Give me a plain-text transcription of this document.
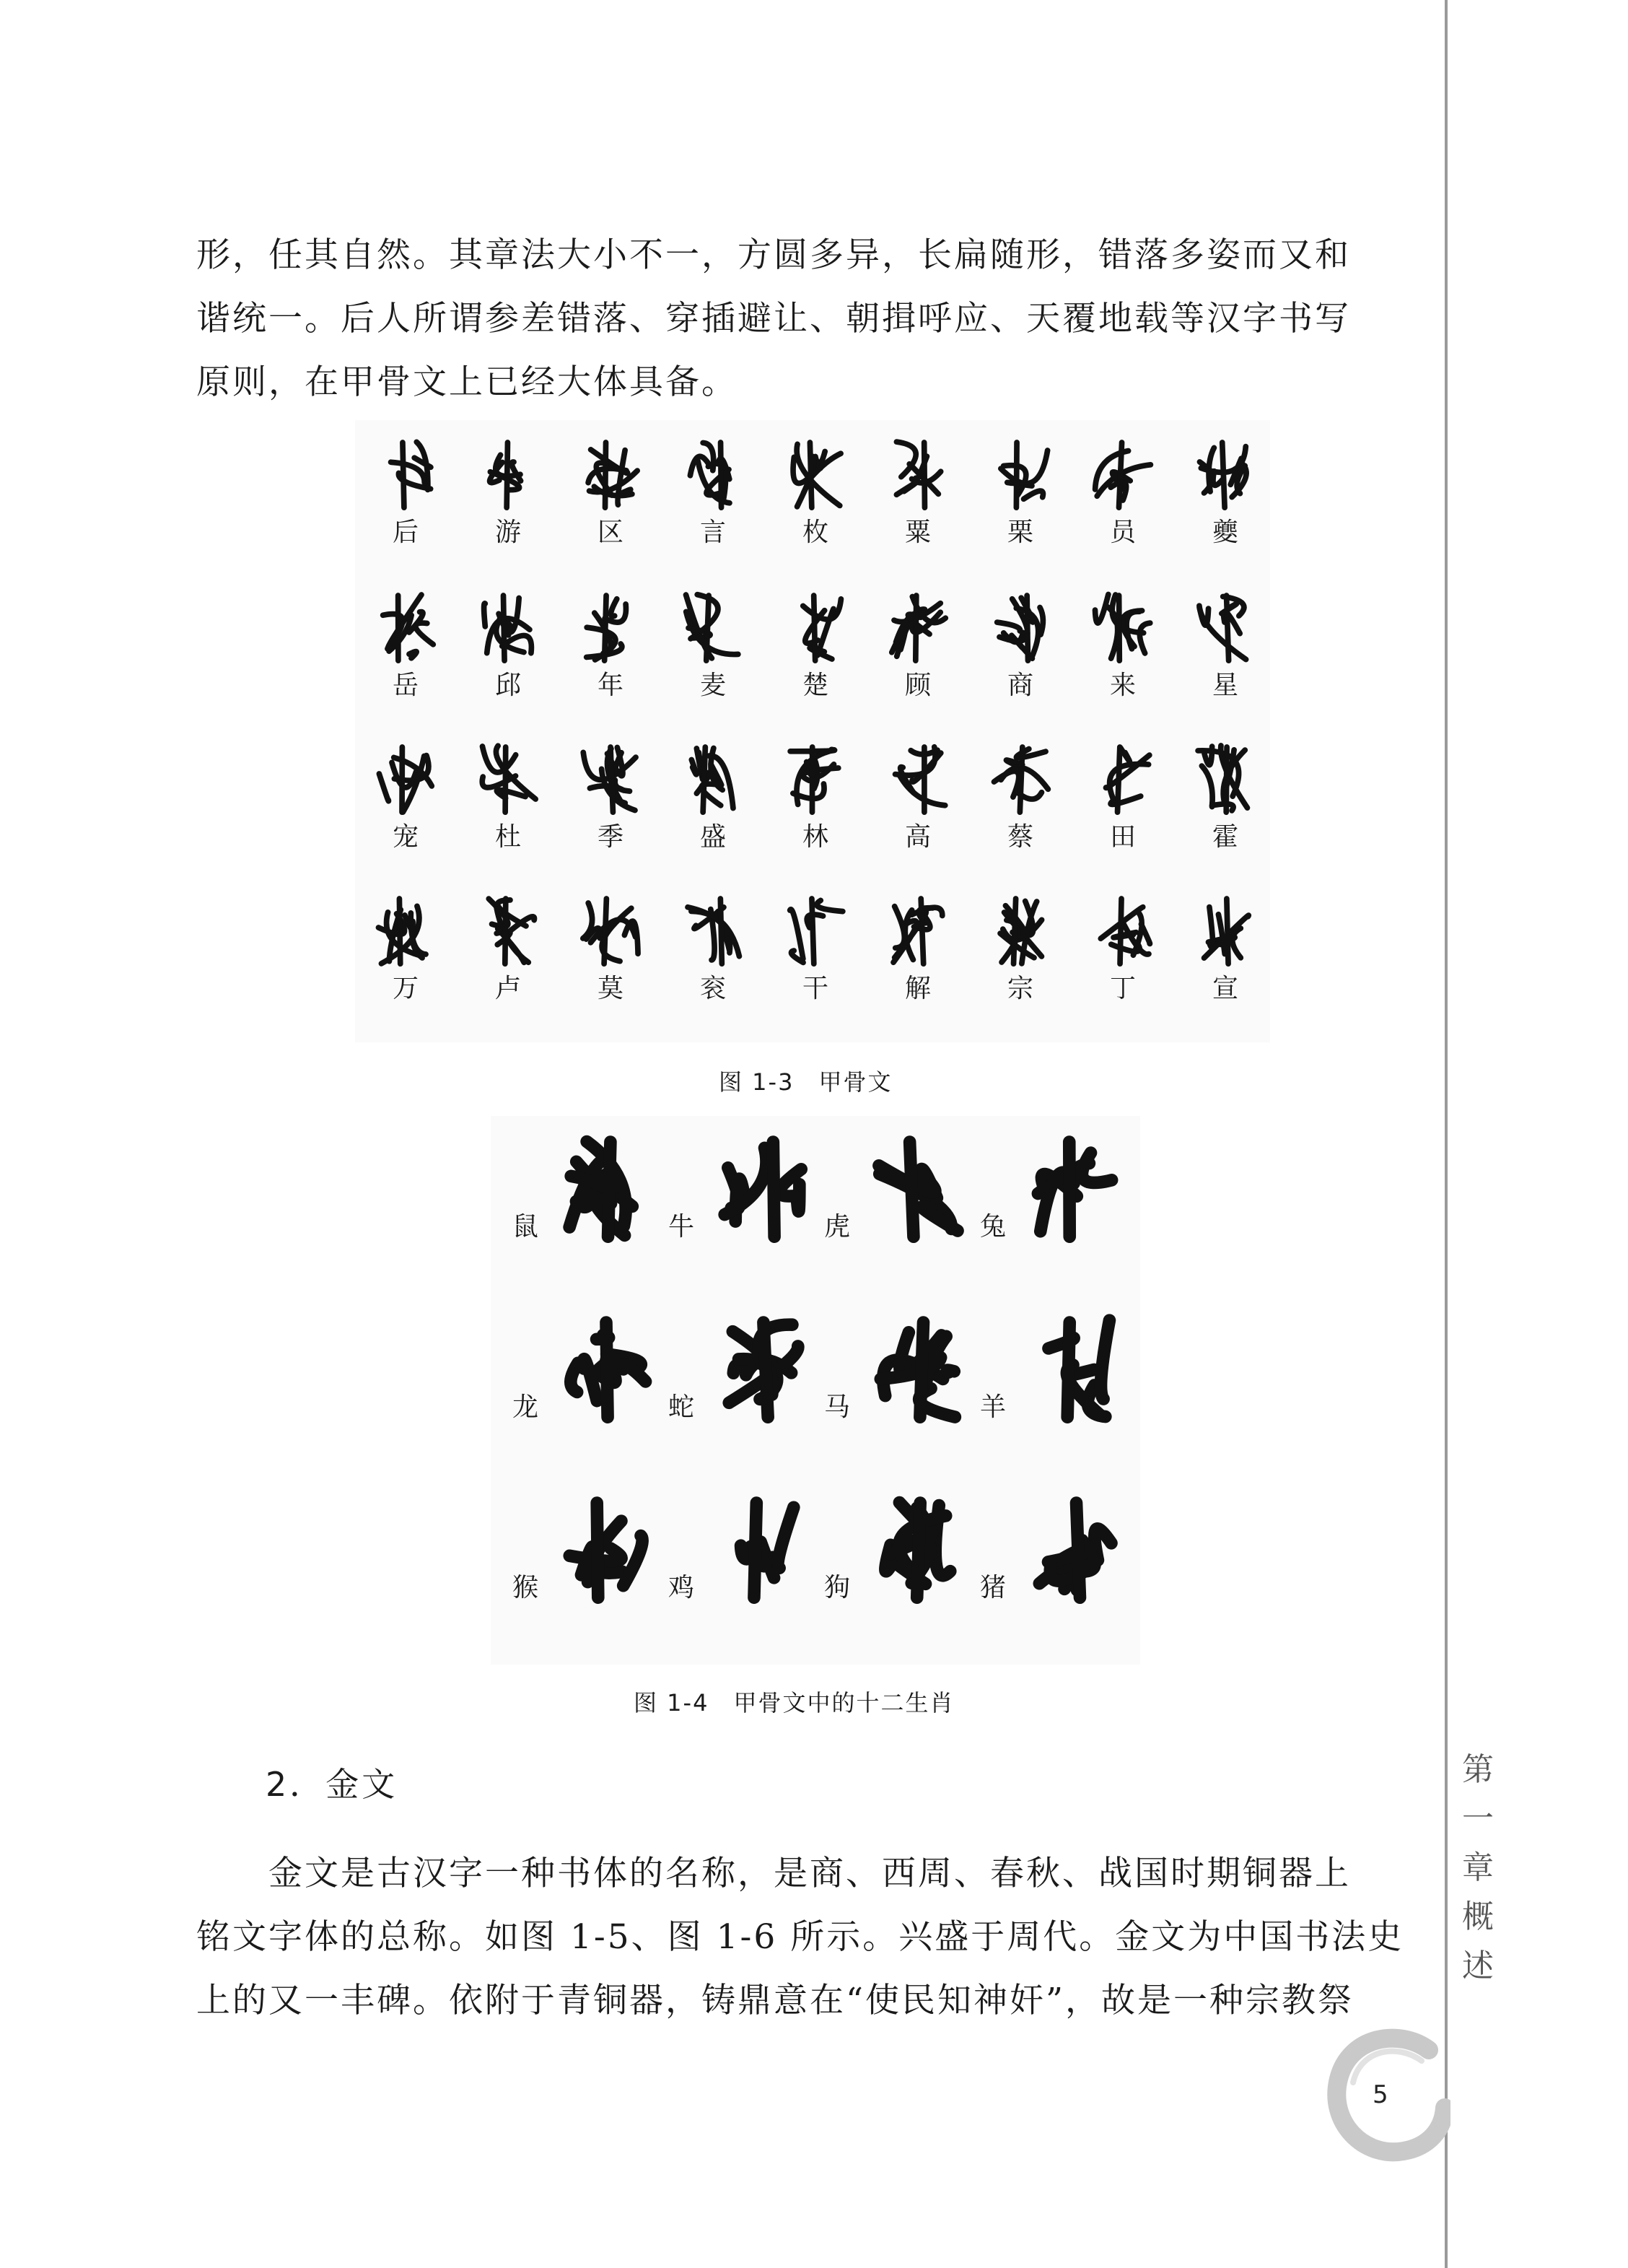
形，任其自然。其章法大小不一，方圆多异，长扁随形，错落多姿而又和
谐统一。后人所谓参差错落、穿插避让、朝揖呼应、天覆地载等汉字书写
原则，在甲骨文上已经大体具备。
后	游	区	言	枚	粟	栗	员	夔
岳	邱	年	麦	楚	顾	商	来	星
宠	杜	季	盛	林	高	蔡	田	霍
万	卢	莫	衮	干	解	宗	丁	宣
图 1-3　甲骨文
鼠	牛	虎	兔
龙	蛇	马	羊
猴	鸡	狗	猪
图 1-4　甲骨文中的十二生肖
2．金文
　　金文是古汉字一种书体的名称，是商、西周、春秋、战国时期铜器上
铭文字体的总称。如图 1-5、图 1-6 所示。兴盛于周代。金文为中国书法史
上的又一丰碑。依附于青铜器，铸鼎意在“使民知神奸”，故是一种宗教祭
第
一
章
概
述
5
